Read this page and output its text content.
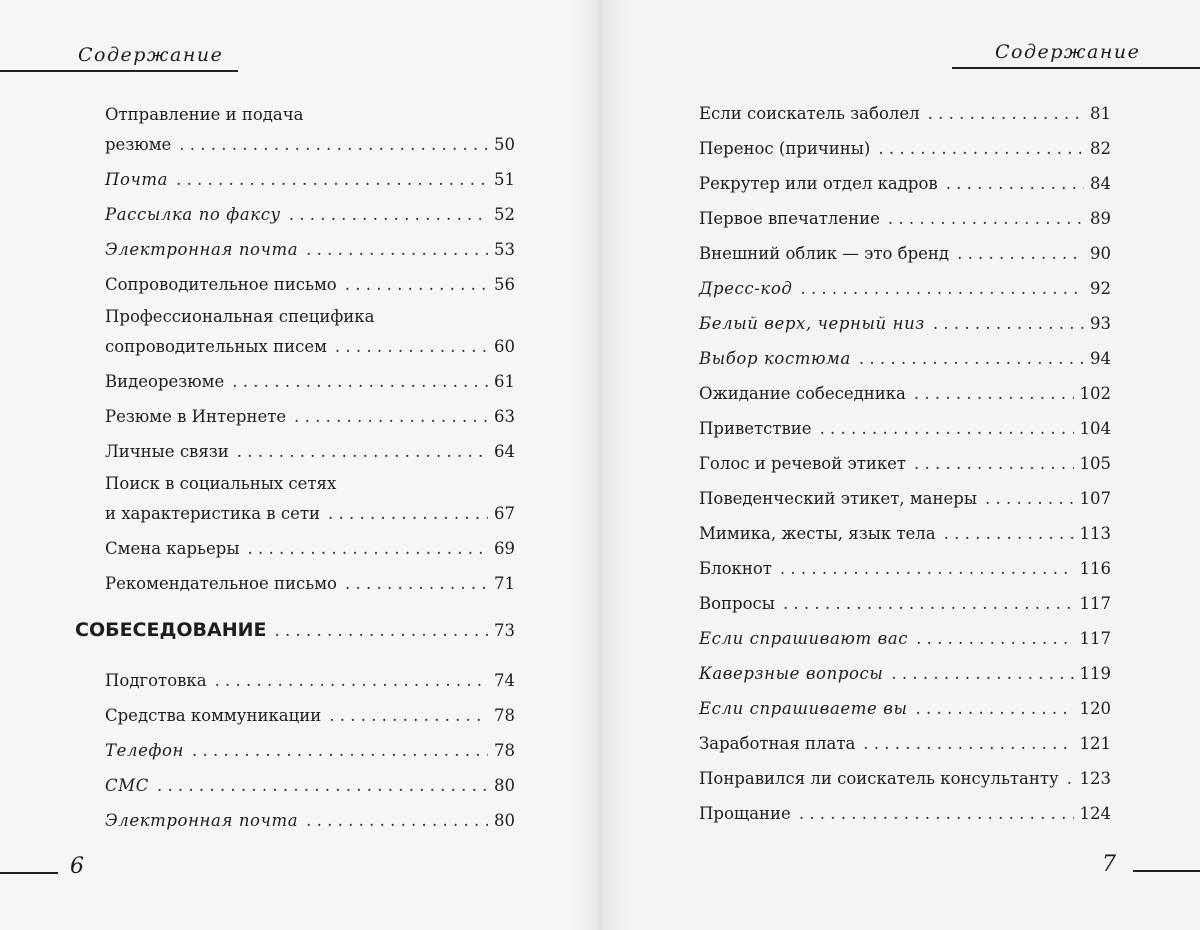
Содержание
Отправление и подача
резюме . . .	50
Почта . . .	51
Рассылка по факсу . . .	52
Электронная почта . . .	53
Сопроводительное письмо . . .	56
Профессиональная специфика
сопроводительных писем . . .	60
Видеорезюме . . .	61
Резюме в Интернете . . .	63
Личные связи . . .	64
Поиск в социальных сетях
и характеристика в сети . . .	67
Смена карьеры . . .	69
Рекомендательное письмо . . .	71
СОБЕСЕДОВАНИЕ . . .	73
Подготовка . . .	74
Средства коммуникации . . .	78
Телефон . . .	78
СМС . . .	80
Электронная почта . . .	80
6
Содержание
Если соискатель заболел . . .	81
Перенос (причины) . . .	82
Рекрутер или отдел кадров . . .	84
Первое впечатление . . .	89
Внешний облик — это бренд . . .	90
Дресс-код . . .	92
Белый верх, черный низ . . .	93
Выбор костюма . . .	94
Ожидание собеседника . . .	102
Приветствие . . .	104
Голос и речевой этикет . . .	105
Поведенческий этикет, манеры . . .	107
Мимика, жесты, язык тела . . .	113
Блокнот . . .	116
Вопросы . . .	117
Если спрашивают вас . . .	117
Каверзные вопросы . . .	119
Если спрашиваете вы . . .	120
Заработная плата . . .	121
Понравился ли соискатель консультанту . . . 123
Прощание . . .	124
7
